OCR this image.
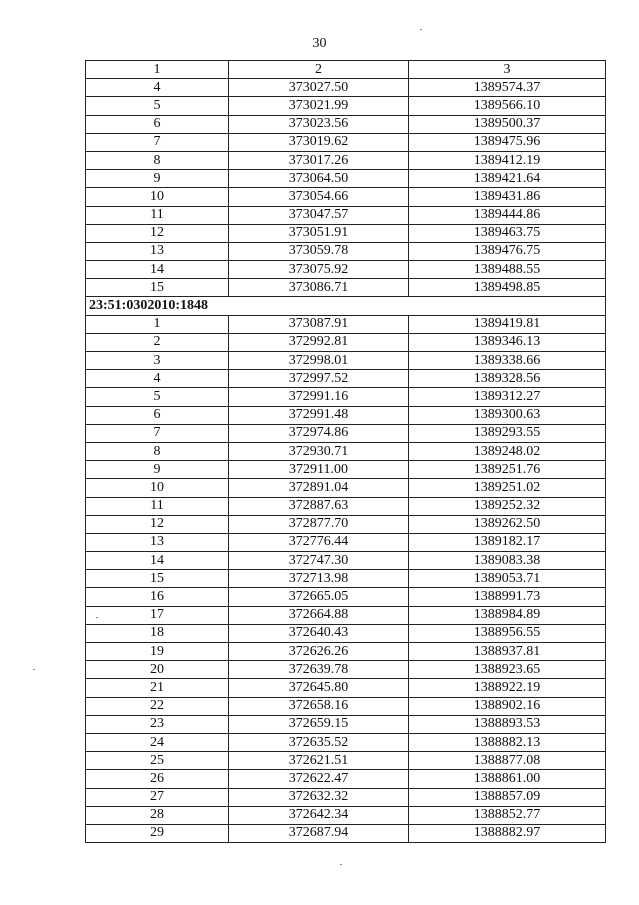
30
1	2	3
4	373027.50	1389574.37
5	373021.99	1389566.10
6	373023.56	1389500.37
7	373019.62	1389475.96
8	373017.26	1389412.19
9	373064.50	1389421.64
10	373054.66	1389431.86
11	373047.57	1389444.86
12	373051.91	1389463.75
13	373059.78	1389476.75
14	373075.92	1389488.55
15	373086.71	1389498.85
23:51:0302010:1848		
1	373087.91	1389419.81
2	372992.81	1389346.13
3	372998.01	1389338.66
4	372997.52	1389328.56
5	372991.16	1389312.27
6	372991.48	1389300.63
7	372974.86	1389293.55
8	372930.71	1389248.02
9	372911.00	1389251.76
10	372891.04	1389251.02
11	372887.63	1389252.32
12	372877.70	1389262.50
13	372776.44	1389182.17
14	372747.30	1389083.38
15	372713.98	1389053.71
16	372665.05	1388991.73
17	372664.88	1388984.89
18	372640.43	1388956.55
19	372626.26	1388937.81
20	372639.78	1388923.65
21	372645.80	1388922.19
22	372658.16	1388902.16
23	372659.15	1388893.53
24	372635.52	1388882.13
25	372621.51	1388877.08
26	372622.47	1388861.00
27	372632.32	1388857.09
28	372642.34	1388852.77
29	372687.94	1388882.97
